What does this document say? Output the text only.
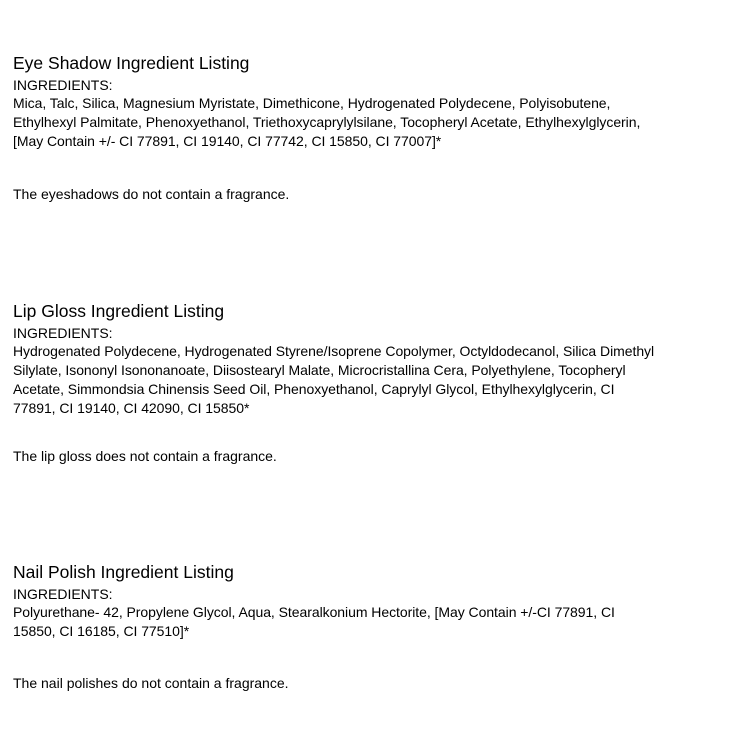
Eye Shadow Ingredient Listing
INGREDIENTS:
Mica, Talc, Silica, Magnesium Myristate, Dimethicone, Hydrogenated Polydecene, Polyisobutene,
Ethylhexyl Palmitate, Phenoxyethanol, Triethoxycaprylylsilane, Tocopheryl Acetate, Ethylhexylglycerin,
[May Contain +/- CI 77891, CI 19140, CI 77742, CI 15850, CI 77007]*
The eyeshadows do not contain a fragrance.
Lip Gloss Ingredient Listing
INGREDIENTS:
Hydrogenated Polydecene, Hydrogenated Styrene/Isoprene Copolymer, Octyldodecanol, Silica Dimethyl
Silylate, Isononyl Isononanoate, Diisostearyl Malate, Microcristallina Cera, Polyethylene, Tocopheryl
Acetate, Simmondsia Chinensis Seed Oil, Phenoxyethanol, Caprylyl Glycol, Ethylhexylglycerin, CI
77891, CI 19140, CI 42090, CI 15850*
The lip gloss does not contain a fragrance.
Nail Polish Ingredient Listing
INGREDIENTS:
Polyurethane- 42, Propylene Glycol, Aqua, Stearalkonium Hectorite, [May Contain +/-CI 77891, CI
15850, CI 16185, CI 77510]*
The nail polishes do not contain a fragrance.
